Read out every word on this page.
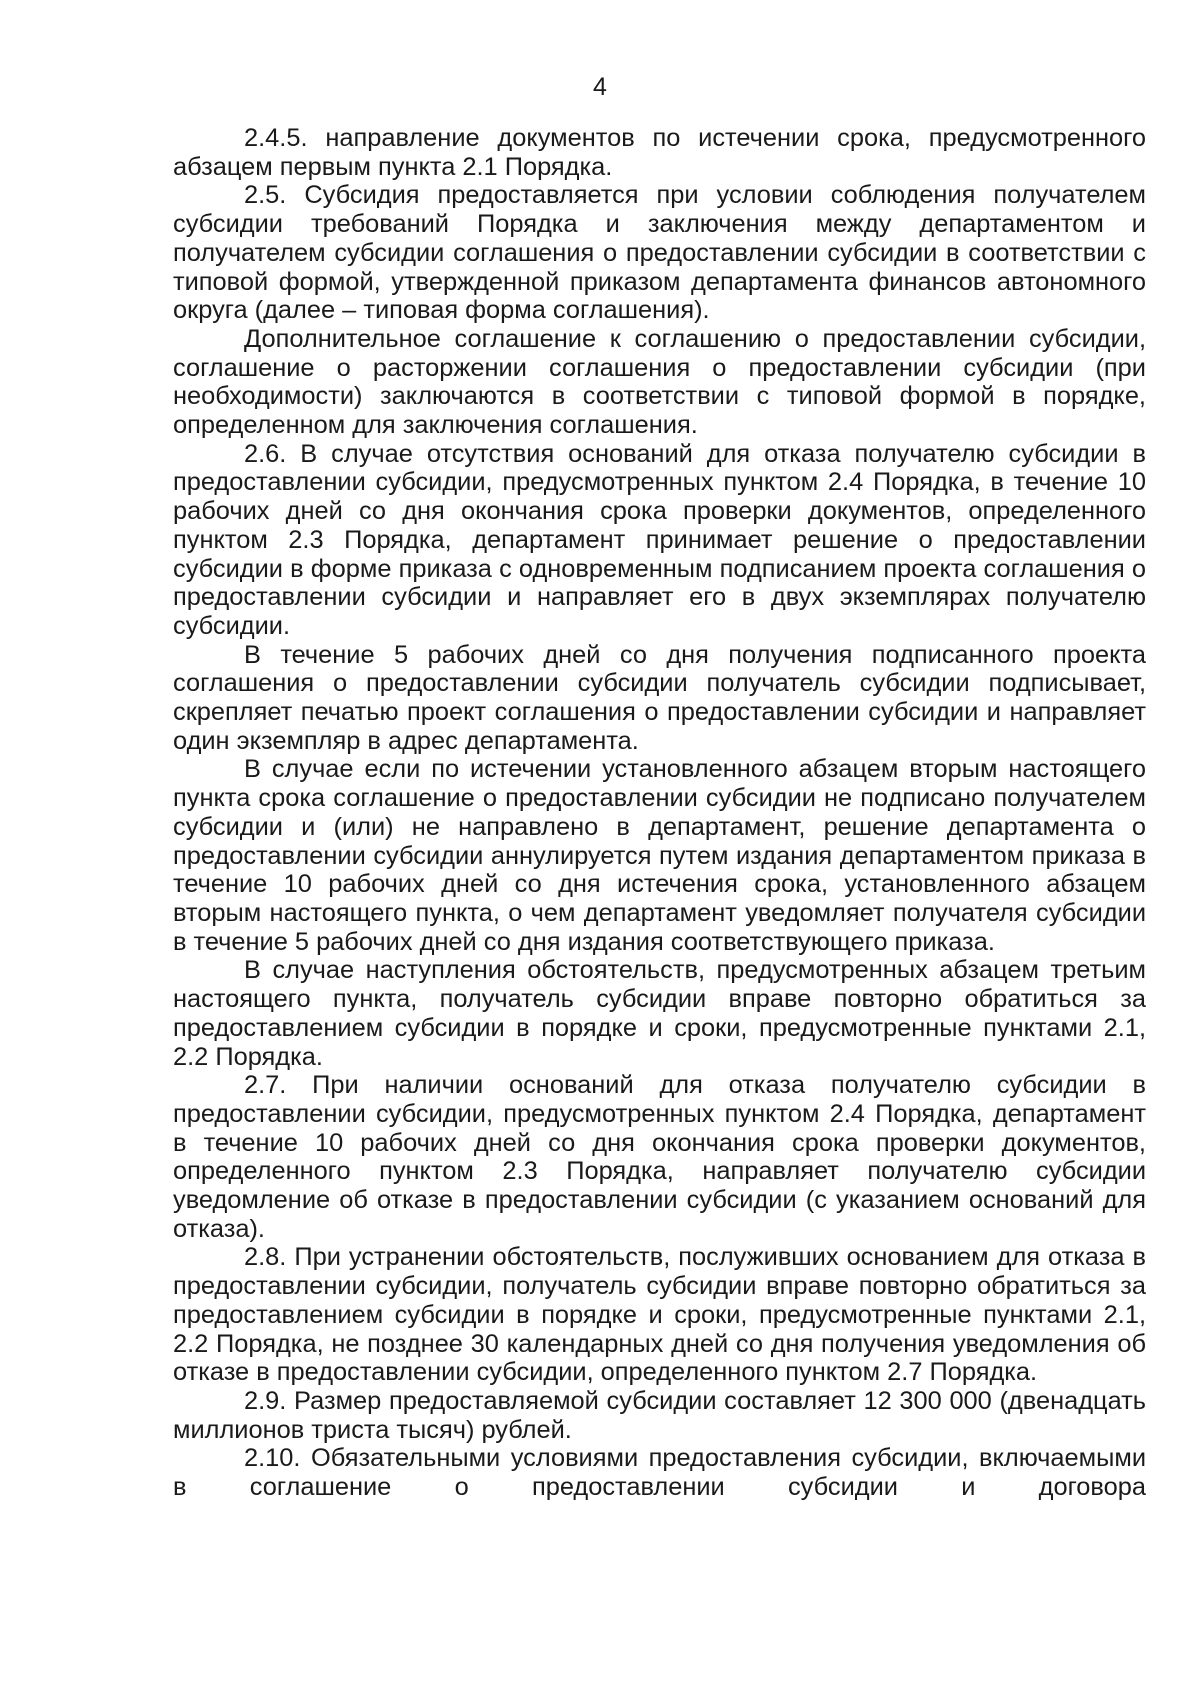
4

2.4.5. направление документов по истечении срока, предусмотренного абзацем первым пункта 2.1 Порядка.

2.5. Субсидия предоставляется при условии соблюдения получателем субсидии требований Порядка и заключения между департаментом и получателем субсидии соглашения о предоставлении субсидии в соответствии с типовой формой, утвержденной приказом департамента финансов автономного округа (далее – типовая форма соглашения).

Дополнительное соглашение к соглашению о предоставлении субсидии, соглашение о расторжении соглашения о предоставлении субсидии (при необходимости) заключаются в соответствии с типовой формой в порядке, определенном для заключения соглашения.

2.6. В случае отсутствия оснований для отказа получателю субсидии в предоставлении субсидии, предусмотренных пунктом 2.4 Порядка, в течение 10 рабочих дней со дня окончания срока проверки документов, определенного пунктом 2.3 Порядка, департамент принимает решение о предоставлении субсидии в форме приказа с одновременным подписанием проекта соглашения о предоставлении субсидии и направляет его в двух экземплярах получателю субсидии.

В течение 5 рабочих дней со дня получения подписанного проекта соглашения о предоставлении субсидии получатель субсидии подписывает, скрепляет печатью проект соглашения о предоставлении субсидии и направляет один экземпляр в адрес департамента.

В случае если по истечении установленного абзацем вторым настоящего пункта срока соглашение о предоставлении субсидии не подписано получателем субсидии и (или) не направлено в департамент, решение департамента о предоставлении субсидии аннулируется путем издания департаментом приказа в течение 10 рабочих дней со дня истечения срока, установленного абзацем вторым настоящего пункта, о чем департамент уведомляет получателя субсидии в течение 5 рабочих дней со дня издания соответствующего приказа.

В случае наступления обстоятельств, предусмотренных абзацем третьим настоящего пункта, получатель субсидии вправе повторно обратиться за предоставлением субсидии в порядке и сроки, предусмотренные пунктами 2.1, 2.2 Порядка.

2.7. При наличии оснований для отказа получателю субсидии в предоставлении субсидии, предусмотренных пунктом 2.4 Порядка, департамент в течение 10 рабочих дней со дня окончания срока проверки документов, определенного пунктом 2.3 Порядка, направляет получателю субсидии уведомление об отказе в предоставлении субсидии (с указанием оснований для отказа).

2.8. При устранении обстоятельств, послуживших основанием для отказа в предоставлении субсидии, получатель субсидии вправе повторно обратиться за предоставлением субсидии в порядке и сроки, предусмотренные пунктами 2.1, 2.2 Порядка, не позднее 30 календарных дней со дня получения уведомления об отказе в предоставлении субсидии, определенного пунктом 2.7 Порядка.

2.9. Размер предоставляемой субсидии составляет 12 300 000 (двенадцать миллионов триста тысяч) рублей.

2.10. Обязательными условиями предоставления субсидии, включаемыми в соглашение о предоставлении субсидии и договора
